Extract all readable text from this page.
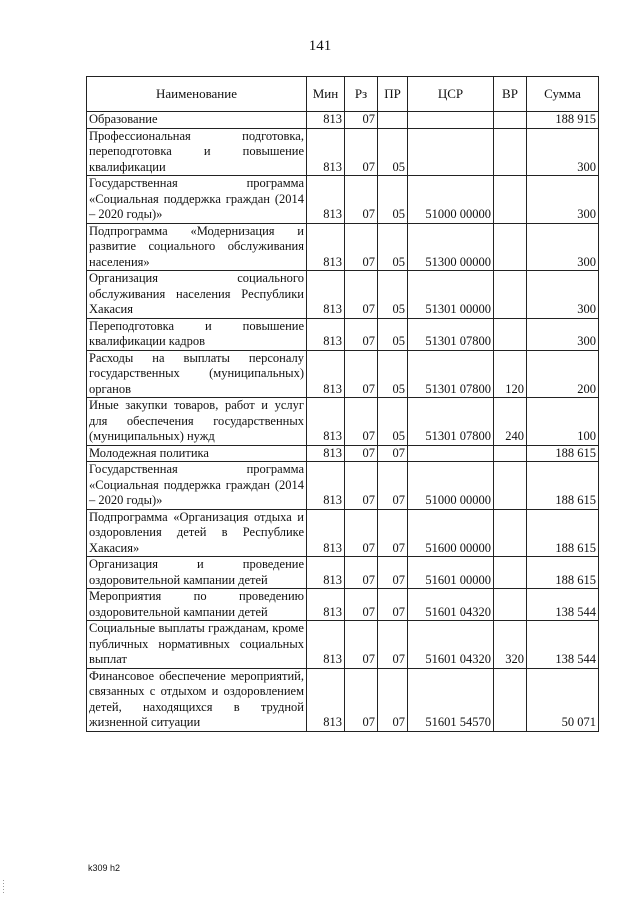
141
Наименование	Мин	Рз	ПР	ЦСР	ВР	Сумма
Образование	813	07				188 915
Профессиональная подготовка, переподготовка и повышение квалификации	813	07	05			300
Государственная программа «Социальная поддержка граждан (2014 – 2020 годы)»	813	07	05	51000 00000		300
Подпрограмма «Модернизация и развитие социального обслуживания населения»	813	07	05	51300 00000		300
Организация социального обслуживания населения Республики Хакасия	813	07	05	51301 00000		300
Переподготовка и повышение квалификации кадров	813	07	05	51301 07800		300
Расходы на выплаты персоналу государственных (муниципальных) органов	813	07	05	51301 07800	120	200
Иные закупки товаров, работ и услуг для обеспечения государственных (муниципальных) нужд	813	07	05	51301 07800	240	100
Молодежная политика	813	07	07			188 615
Государственная программа «Социальная поддержка граждан (2014 – 2020 годы)»	813	07	07	51000 00000		188 615
Подпрограмма «Организация отдыха и оздоровления детей в Республике Хакасия»	813	07	07	51600 00000		188 615
Организация и проведение оздоровительной кампании детей	813	07	07	51601 00000		188 615
Мероприятия по проведению оздоровительной кампании детей	813	07	07	51601 04320		138 544
Социальные выплаты гражданам, кроме публичных нормативных социальных выплат	813	07	07	51601 04320	320	138 544
Финансовое обеспечение мероприятий, связанных с отдыхом и оздоровлением детей, находящихся в трудной жизненной ситуации	813	07	07	51601 54570		50 071
k309 h2
